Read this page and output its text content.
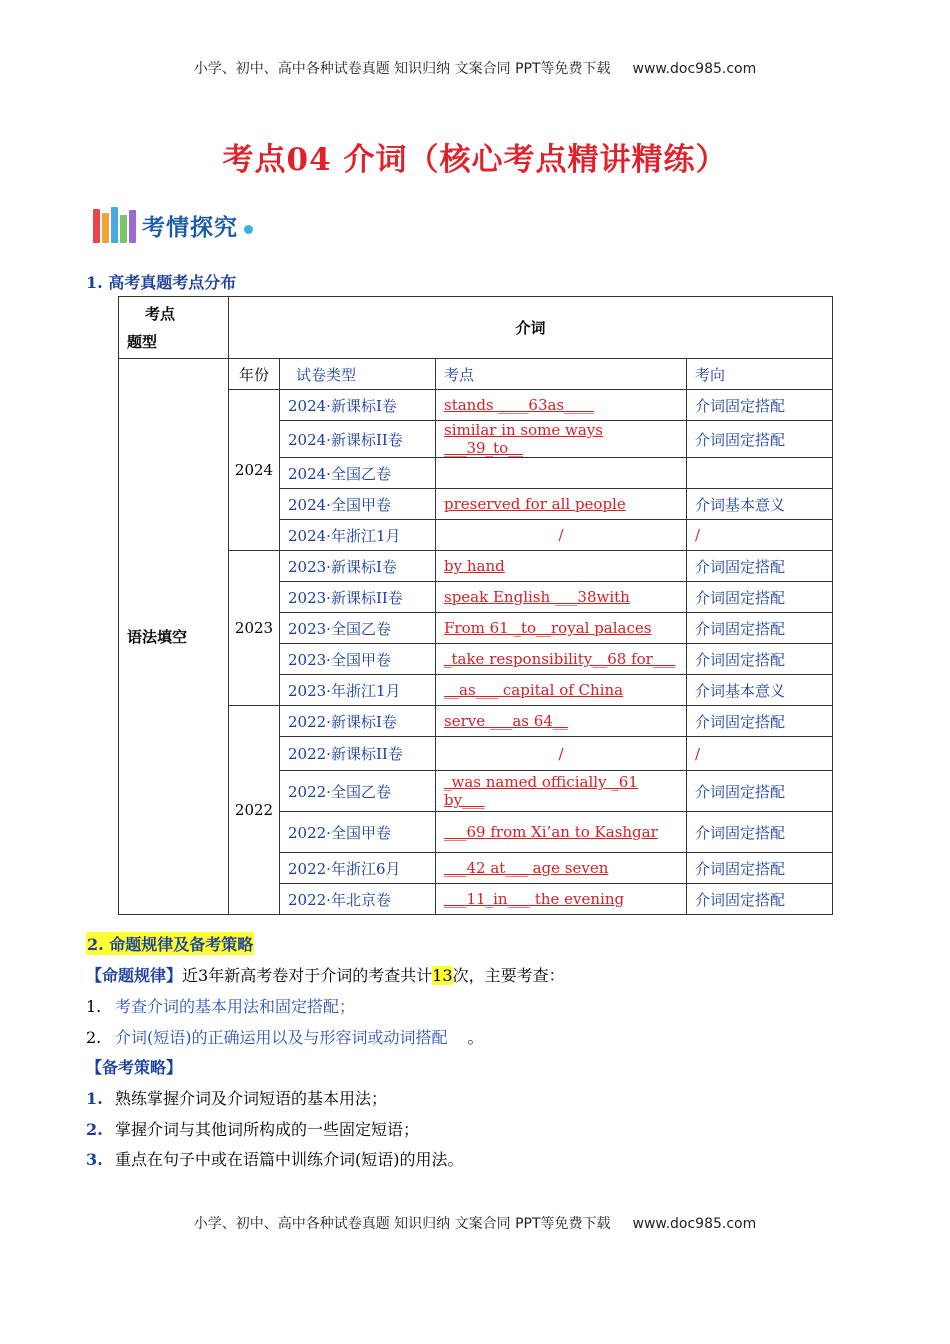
小学、初中、高中各种试卷真题 知识归纳 文案合同 PPT等免费下载 www.doc985.com
考点04 介词（核心考点精讲精练）
考情探究
1. 高考真题考点分布
考点
题型	介词			
语法填空	年份	试卷类型	考点	考向
	2024	2024·新课标I卷	stands ____63as____	介词固定搭配
		2024·新课标II卷	similar in some ways ___39_to__	介词固定搭配
		2024·全国乙卷		
		2024·全国甲卷	preserved for all people	介词基本意义
		2024·年浙江1月	/	/
	2023	2023·新课标I卷	by hand	介词固定搭配
		2023·新课标II卷	speak English ___38with	介词固定搭配
		2023·全国乙卷	From 61 _to__royal palaces	介词固定搭配
		2023·全国甲卷	_take responsibility__68 for___	介词固定搭配
		2023·年浙江1月	__as___ capital of China	介词基本意义
	2022	2022·新课标I卷	serve ___as 64__	介词固定搭配
		2022·新课标II卷	/	/
		2022·全国乙卷	_was named officially _61 by___	介词固定搭配
		2022·全国甲卷	___69 from Xi’an to Kashgar	介词固定搭配
		2022·年浙江6月	___42 at___ age seven	介词固定搭配
		2022·年北京卷	___11_in___ the evening	介词固定搭配
2. 命题规律及备考策略
【命题规律】近3年新高考卷对于介词的考查共计13次，主要考查：
1. 考查介词的基本用法和固定搭配；
2. 介词(短语)的正确运用以及与形容词或动词搭配 。
【备考策略】
1. 熟练掌握介词及介词短语的基本用法；
2. 掌握介词与其他词所构成的一些固定短语；
3. 重点在句子中或在语篇中训练介词(短语)的用法。
小学、初中、高中各种试卷真题 知识归纳 文案合同 PPT等免费下载 www.doc985.com
